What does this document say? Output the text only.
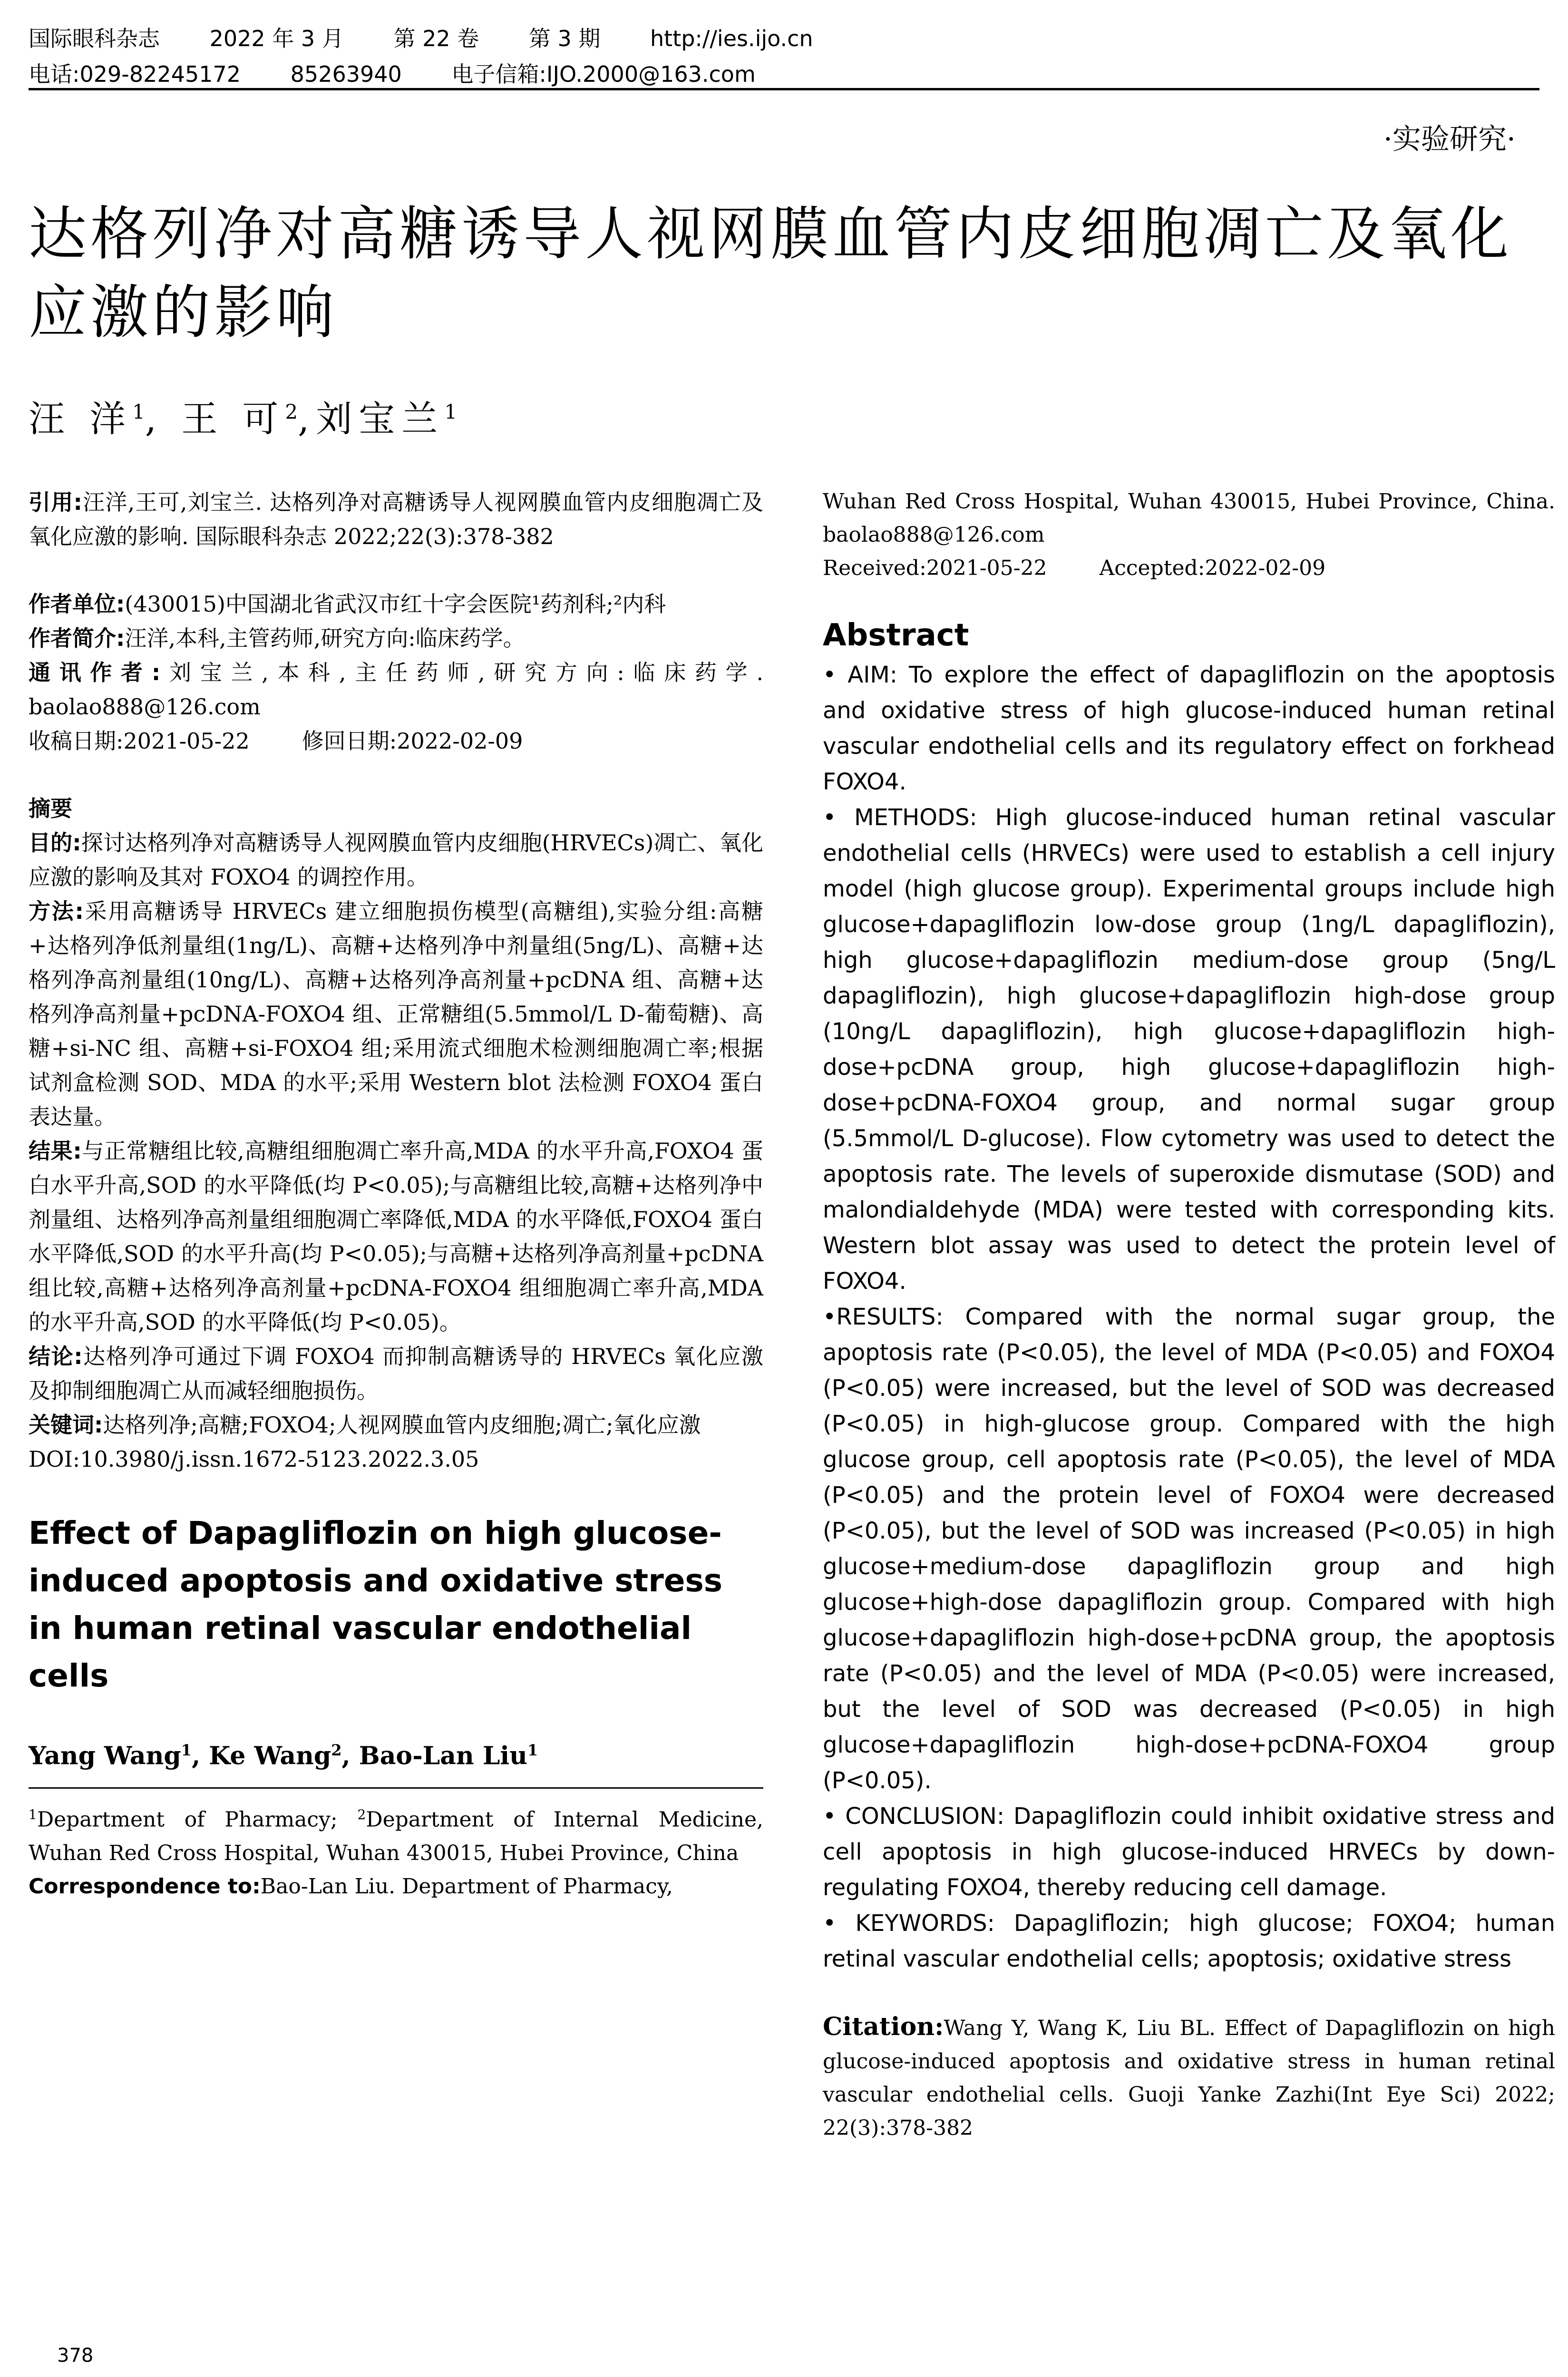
国际眼科杂志 2022 年 3 月 第 22 卷 第 3 期 http://ies.ijo.cn
电话:029-82245172 85263940 电子信箱:IJO.2000@163.com
·实验研究·
达格列净对高糖诱导人视网膜血管内皮细胞凋亡及氧化应激的影响
汪 洋$^1$, 王 可$^2$,刘宝兰$^1$

引用:汪洋,王可,刘宝兰. 达格列净对高糖诱导人视网膜血管内皮细胞凋亡及氧化应激的影响. 国际眼科杂志 2022;22(3):378-382

作者单位:(430015)中国湖北省武汉市红十字会医院¹药剂科;²内科

作者简介:汪洋,本科,主管药师,研究方向:临床药学。

通讯作者:刘宝兰,本科,主任药师,研究方向:临床药学. baolao888@126.com

收稿日期:2021-05-22 修回日期:2022-02-09

摘要

目的:探讨达格列净对高糖诱导人视网膜血管内皮细胞(HRVECs)凋亡、氧化应激的影响及其对 FOXO4 的调控作用。

方法:采用高糖诱导 HRVECs 建立细胞损伤模型(高糖组),实验分组:高糖+达格列净低剂量组(1ng/L)、高糖+达格列净中剂量组(5ng/L)、高糖+达格列净高剂量组(10ng/L)、高糖+达格列净高剂量+pcDNA 组、高糖+达格列净高剂量+pcDNA-FOXO4 组、正常糖组(5.5mmol/L D-葡萄糖)、高糖+si-NC 组、高糖+si-FOXO4 组;采用流式细胞术检测细胞凋亡率;根据试剂盒检测 SOD、MDA 的水平;采用 Western blot 法检测 FOXO4 蛋白表达量。

结果:与正常糖组比较,高糖组细胞凋亡率升高,MDA 的水平升高,FOXO4 蛋白水平升高,SOD 的水平降低(均 P<0.05);与高糖组比较,高糖+达格列净中剂量组、达格列净高剂量组细胞凋亡率降低,MDA 的水平降低,FOXO4 蛋白水平降低,SOD 的水平升高(均 P<0.05);与高糖+达格列净高剂量+pcDNA 组比较,高糖+达格列净高剂量+pcDNA-FOXO4 组细胞凋亡率升高,MDA 的水平升高,SOD 的水平降低(均 P<0.05)。

结论:达格列净可通过下调 FOXO4 而抑制高糖诱导的 HRVECs 氧化应激及抑制细胞凋亡从而减轻细胞损伤。

关键词:达格列净;高糖;FOXO4;人视网膜血管内皮细胞;凋亡;氧化应激

DOI:10.3980/j.issn.1672-5123.2022.3.05

Effect of Dapagliflozin on high glucose-induced apoptosis and oxidative stress in human retinal vascular endothelial cells

Yang Wang$^1$, Ke Wang$^2$, Bao-Lan Liu$^1$

$^1$Department of Pharmacy; $^2$Department of Internal Medicine, Wuhan Red Cross Hospital, Wuhan 430015, Hubei Province, China

Correspondence to:Bao-Lan Liu. Department of Pharmacy,

Wuhan Red Cross Hospital, Wuhan 430015, Hubei Province, China. baolao888@126.com

Received:2021-05-22	Accepted:2022-02-09

Abstract

• AIM: To explore the effect of dapagliflozin on the apoptosis and oxidative stress of high glucose-induced human retinal vascular endothelial cells and its regulatory effect on forkhead FOXO4.

• METHODS: High glucose-induced human retinal vascular endothelial cells (HRVECs) were used to establish a cell injury model (high glucose group). Experimental groups include high glucose+dapagliflozin low-dose group (1ng/L dapagliflozin), high glucose+dapagliflozin medium-dose group (5ng/L dapagliflozin), high glucose+dapagliflozin high-dose group (10ng/L dapagliflozin), high glucose+dapagliflozin high-dose+pcDNA group, high glucose+dapagliflozin high-dose+pcDNA-FOXO4 group, and normal sugar group (5.5mmol/L D-glucose). Flow cytometry was used to detect the apoptosis rate. The levels of superoxide dismutase (SOD) and malondialdehyde (MDA) were tested with corresponding kits. Western blot assay was used to detect the protein level of FOXO4.

•RESULTS: Compared with the normal sugar group, the apoptosis rate (P<0.05), the level of MDA (P<0.05) and FOXO4 (P<0.05) were increased, but the level of SOD was decreased (P<0.05) in high-glucose group. Compared with the high glucose group, cell apoptosis rate (P<0.05), the level of MDA (P<0.05) and the protein level of FOXO4 were decreased (P<0.05), but the level of SOD was increased (P<0.05) in high glucose+medium-dose dapagliflozin group and high glucose+high-dose dapagliflozin group. Compared with high glucose+dapagliflozin high-dose+pcDNA group, the apoptosis rate (P<0.05) and the level of MDA (P<0.05) were increased, but the level of SOD was decreased (P<0.05) in high glucose+dapagliflozin high-dose+pcDNA-FOXO4 group (P<0.05).

• CONCLUSION: Dapagliflozin could inhibit oxidative stress and cell apoptosis in high glucose-induced HRVECs by down-regulating FOXO4, thereby reducing cell damage.

• KEYWORDS: Dapagliflozin; high glucose; FOXO4; human retinal vascular endothelial cells; apoptosis; oxidative stress

Citation:Wang Y, Wang K, Liu BL. Effect of Dapagliflozin on high glucose-induced apoptosis and oxidative stress in human retinal vascular endothelial cells. Guoji Yanke Zazhi(Int Eye Sci) 2022; 22(3):378-382

378
